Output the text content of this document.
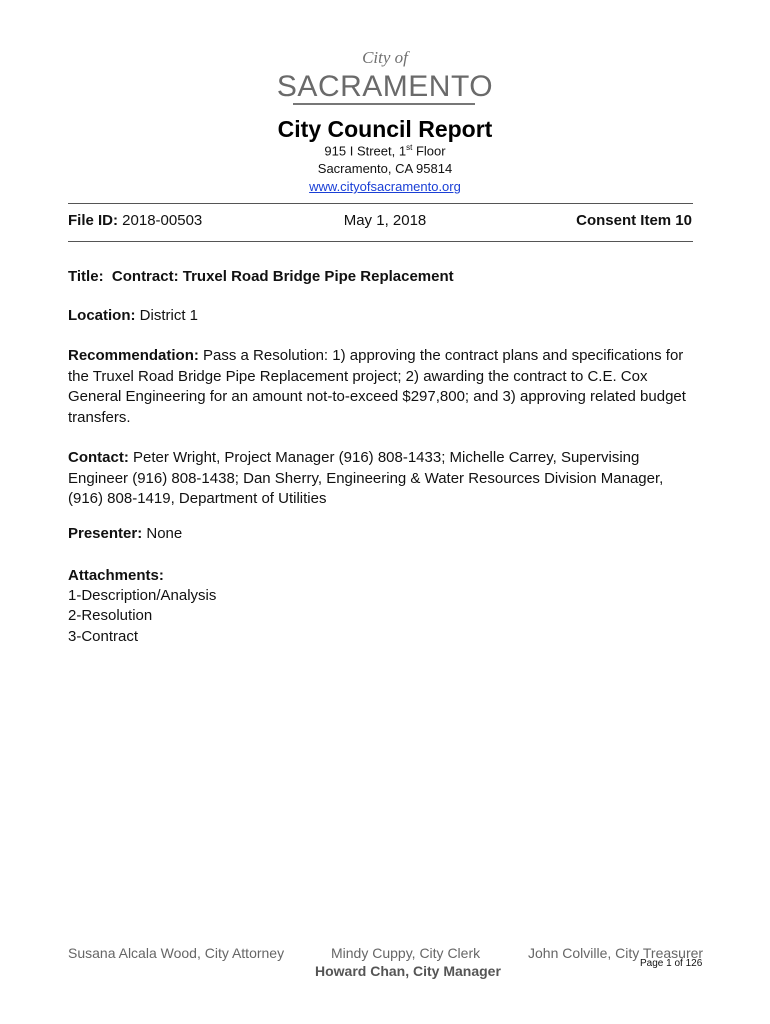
City of
SACRAMENTO
City Council Report
915 I Street, 1st Floor
Sacramento, CA 95814
www.cityofsacramento.org
File ID: 2018-00503	May 1, 2018	Consent Item 10
Title: Contract: Truxel Road Bridge Pipe Replacement
Location: District 1
Recommendation: Pass a Resolution: 1) approving the contract plans and specifications for the Truxel Road Bridge Pipe Replacement project; 2) awarding the contract to C.E. Cox General Engineering for an amount not-to-exceed $297,800; and 3) approving related budget transfers.
Contact: Peter Wright, Project Manager (916) 808-1433; Michelle Carrey, Supervising Engineer (916) 808-1438; Dan Sherry, Engineering & Water Resources Division Manager, (916) 808-1419, Department of Utilities
Presenter: None
Attachments:
1-Description/Analysis
2-Resolution
3-Contract
Susana Alcala Wood, City Attorney	Mindy Cuppy, City Clerk	John Colville, City Treasurer
Howard Chan, City Manager	Page 1 of 126
